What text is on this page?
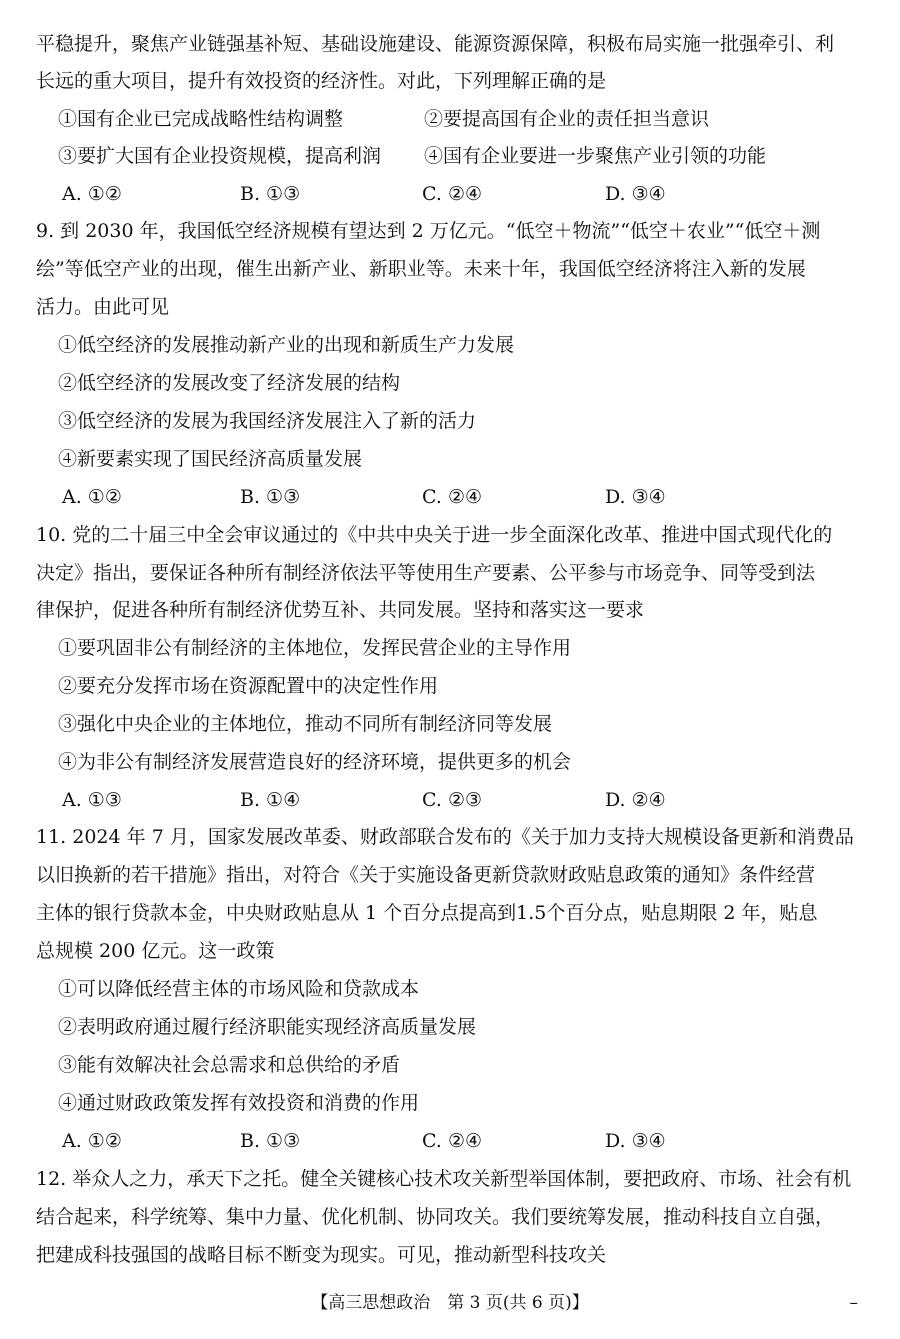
平稳提升，聚焦产业链强基补短、基础设施建设、能源资源保障，积极布局实施一批强牵引、利
长远的重大项目，提升有效投资的经济性。对此，下列理解正确的是
①国有企业已完成战略性结构调整	②要提高国有企业的责任担当意识
③要扩大国有企业投资规模，提高利润 ④国有企业要进一步聚焦产业引领的功能
A. ①②	B. ①③	C. ②④	D. ③④
9. 到 2030 年，我国低空经济规模有望达到 2 万亿元。“低空＋物流”“低空＋农业”“低空＋测
绘”等低空产业的出现，催生出新产业、新职业等。未来十年，我国低空经济将注入新的发展
活力。由此可见
①低空经济的发展推动新产业的出现和新质生产力发展
②低空经济的发展改变了经济发展的结构
③低空经济的发展为我国经济发展注入了新的活力
④新要素实现了国民经济高质量发展
A. ①②	B. ①③	C. ②④	D. ③④
10. 党的二十届三中全会审议通过的《中共中央关于进一步全面深化改革、推进中国式现代化的
决定》指出，要保证各种所有制经济依法平等使用生产要素、公平参与市场竞争、同等受到法
律保护，促进各种所有制经济优势互补、共同发展。坚持和落实这一要求
①要巩固非公有制经济的主体地位，发挥民营企业的主导作用
②要充分发挥市场在资源配置中的决定性作用
③强化中央企业的主体地位，推动不同所有制经济同等发展
④为非公有制经济发展营造良好的经济环境，提供更多的机会
A. ①③	B. ①④	C. ②③	D. ②④
11. 2024 年 7 月，国家发展改革委、财政部联合发布的《关于加力支持大规模设备更新和消费品
以旧换新的若干措施》指出，对符合《关于实施设备更新贷款财政贴息政策的通知》条件经营
主体的银行贷款本金，中央财政贴息从 1 个百分点提高到1.5个百分点，贴息期限 2 年，贴息
总规模 200 亿元。这一政策
①可以降低经营主体的市场风险和贷款成本
②表明政府通过履行经济职能实现经济高质量发展
③能有效解决社会总需求和总供给的矛盾
④通过财政政策发挥有效投资和消费的作用
A. ①②	B. ①③	C. ②④	D. ③④
12. 举众人之力，承天下之托。健全关键核心技术攻关新型举国体制，要把政府、市场、社会有机
结合起来，科学统筹、集中力量、优化机制、协同攻关。我们要统筹发展，推动科技自立自强，
把建成科技强国的战略目标不断变为现实。可见，推动新型科技攻关
【高三思想政治　第 3 页(共 6 页)】	–
